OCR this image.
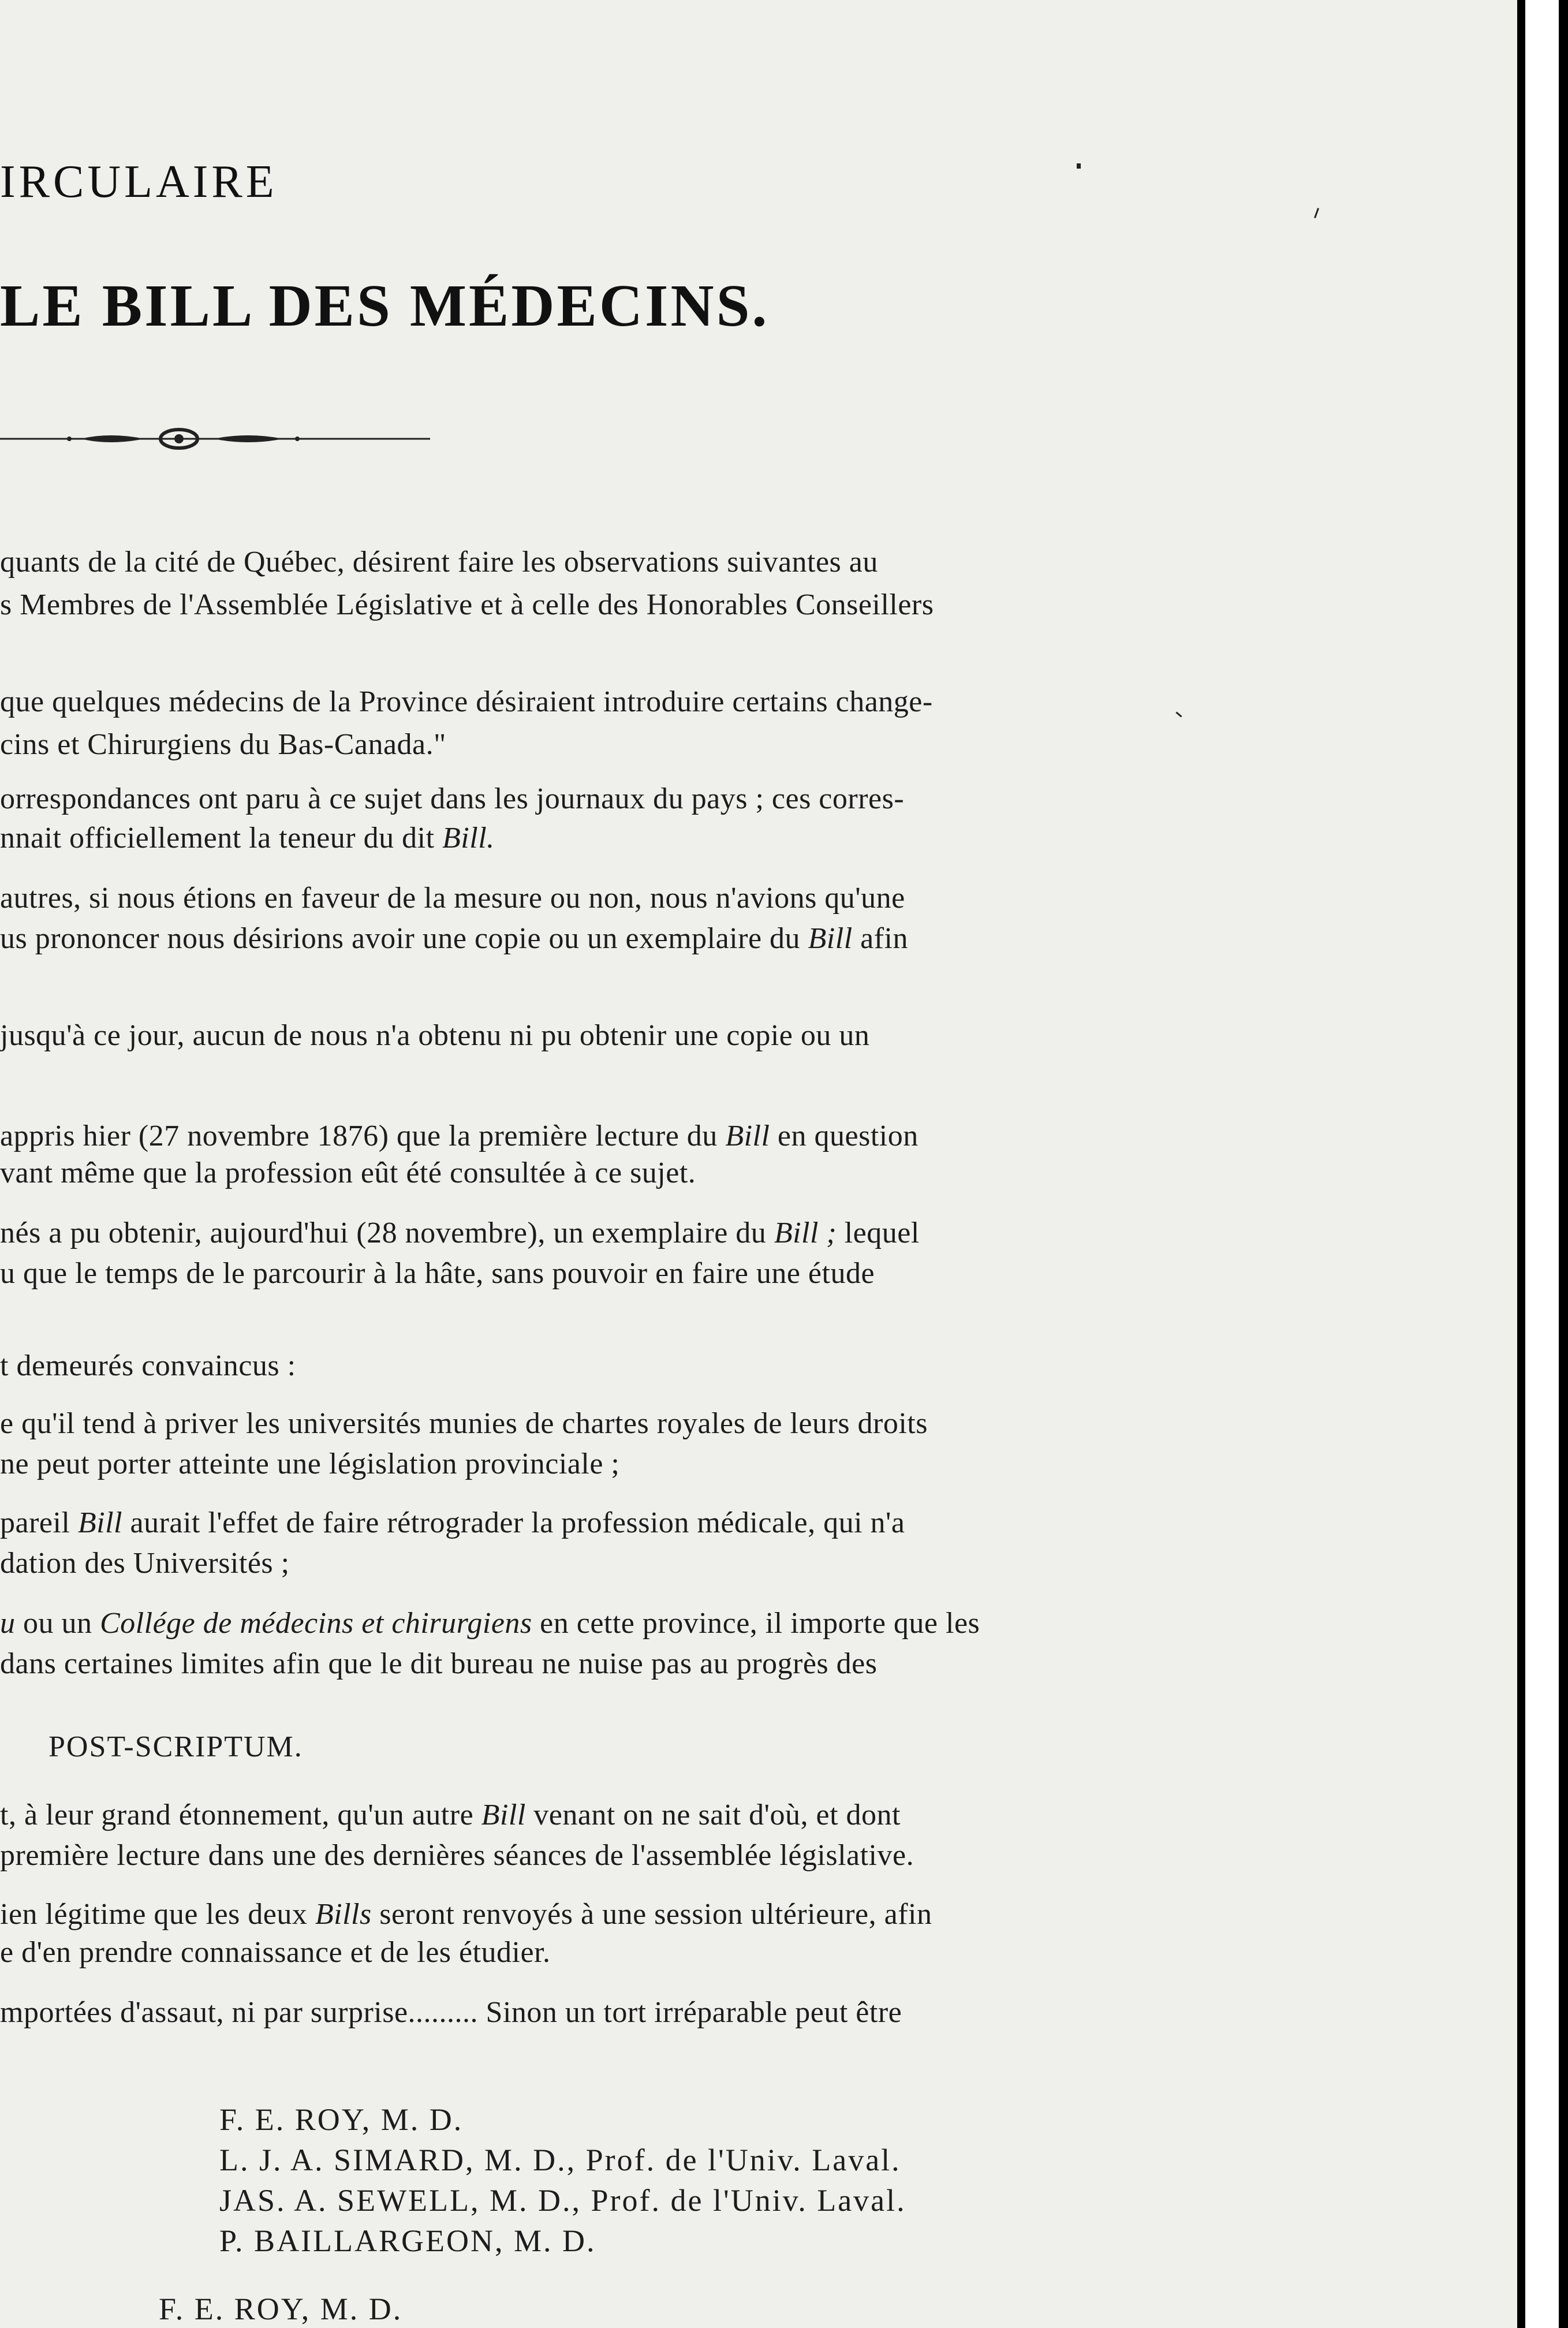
IRCULAIRE
LE BILL DES MÉDECINS.
quants de la cité de Québec, désirent faire les observations suivantes au
s Membres de l'Assemblée Législative et à celle des Honorables Conseillers
que quelques médecins de la Province désiraient introduire certains change-
cins et Chirurgiens du Bas-Canada."
orrespondances ont paru à ce sujet dans les journaux du pays ; ces corres-
nnait officiellement la teneur du dit Bill.
autres, si nous étions en faveur de la mesure ou non, nous n'avions qu'une
us prononcer nous désirions avoir une copie ou un exemplaire du Bill afin
jusqu'à ce jour, aucun de nous n'a obtenu ni pu obtenir une copie ou un
appris hier (27 novembre 1876) que la première lecture du Bill en question
vant même que la profession eût été consultée à ce sujet.
nés a pu obtenir, aujourd'hui (28 novembre), un exemplaire du Bill ; lequel
u que le temps de le parcourir à la hâte, sans pouvoir en faire une étude
t demeurés convaincus :
e qu'il tend à priver les universités munies de chartes royales de leurs droits
ne peut porter atteinte une législation provinciale ;
pareil Bill aurait l'effet de faire rétrograder la profession médicale, qui n'a
dation des Universités ;
u ou un Collége de médecins et chirurgiens en cette province, il importe que les
dans certaines limites afin que le dit bureau ne nuise pas au progrès des
POST-SCRIPTUM.
t, à leur grand étonnement, qu'un autre Bill venant on ne sait d'où, et dont
première lecture dans une des dernières séances de l'assemblée législative.
ien légitime que les deux Bills seront renvoyés à une session ultérieure, afin
e d'en prendre connaissance et de les étudier.
mportées d'assaut, ni par surprise......... Sinon un tort irréparable peut être
F. E. ROY, M. D.
L. J. A. SIMARD, M. D., Prof. de l'Univ. Laval.
JAS. A. SEWELL, M. D., Prof. de l'Univ. Laval.
P. BAILLARGEON, M. D.
F. E. ROY, M. D.
